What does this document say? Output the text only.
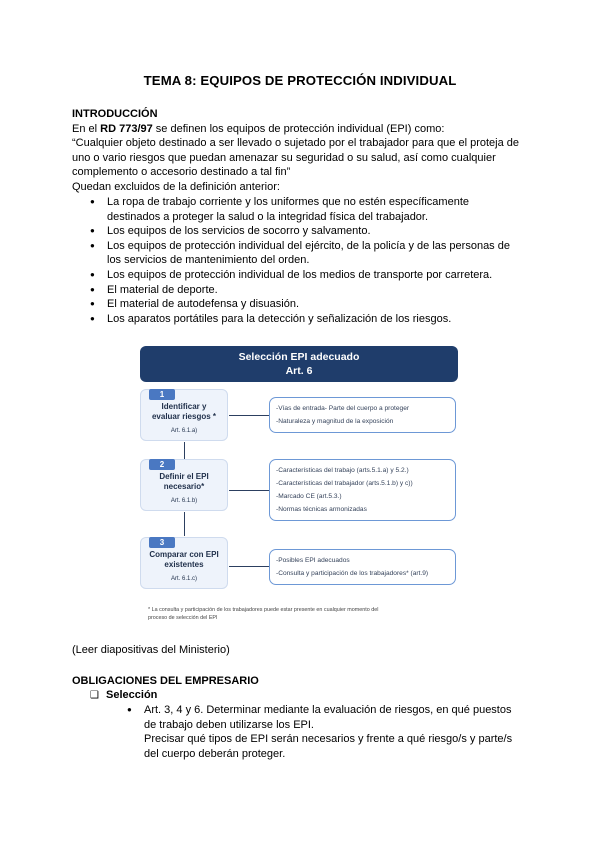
TEMA 8: EQUIPOS DE PROTECCIÓN INDIVIDUAL
INTRODUCCIÓN
En el RD 773/97 se definen los equipos de protección individual (EPI) como:
“Cualquier objeto destinado a ser llevado o sujetado por el trabajador para que el proteja de
uno o vario riesgos que puedan amenazar su seguridad o su salud, así como cualquier
complemento o accesorio destinado a tal fin”
Quedan excluidos de la definición anterior:
● La ropa de trabajo corriente y los uniformes que no estén específicamente
destinados a proteger la salud o la integridad física del trabajador.
● Los equipos de los servicios de socorro y salvamento.
● Los equipos de protección individual del ejército, de la policía y de las personas de
los servicios de mantenimiento del orden.
● Los equipos de protección individual de los medios de transporte por carretera.
● El material de deporte.
● El material de autodefensa y disuasión.
● Los aparatos portátiles para la detección y señalización de los riesgos.
Selección EPI adecuado
Art. 6
1
Identificar y
evaluar riesgos *
Art. 6.1.a)
-Vías de entrada- Parte del cuerpo a proteger
-Naturaleza y magnitud de la exposición
2
Definir el EPI
necesario*
Art. 6.1.b)
-Características del trabajo (arts.5.1.a) y 5.2.)
-Características del trabajador (arts.5.1.b) y c))
-Marcado CE (art.5.3.)
-Normas técnicas armonizadas
3
Comparar con EPI
existentes
Art. 6.1.c)
-Posibles EPI adecuados
-Consulta y participación de los trabajadores* (art.9)
* La consulta y participación de los trabajadores puede estar presente en cualquier momento del
proceso de selección del EPI
(Leer diapositivas del Ministerio)
OBLIGACIONES DEL EMPRESARIO
❑ Selección
● Art. 3, 4 y 6. Determinar mediante la evaluación de riesgos, en qué puestos
de trabajo deben utilizarse los EPI.
Precisar qué tipos de EPI serán necesarios y frente a qué riesgo/s y parte/s
del cuerpo deberán proteger.
